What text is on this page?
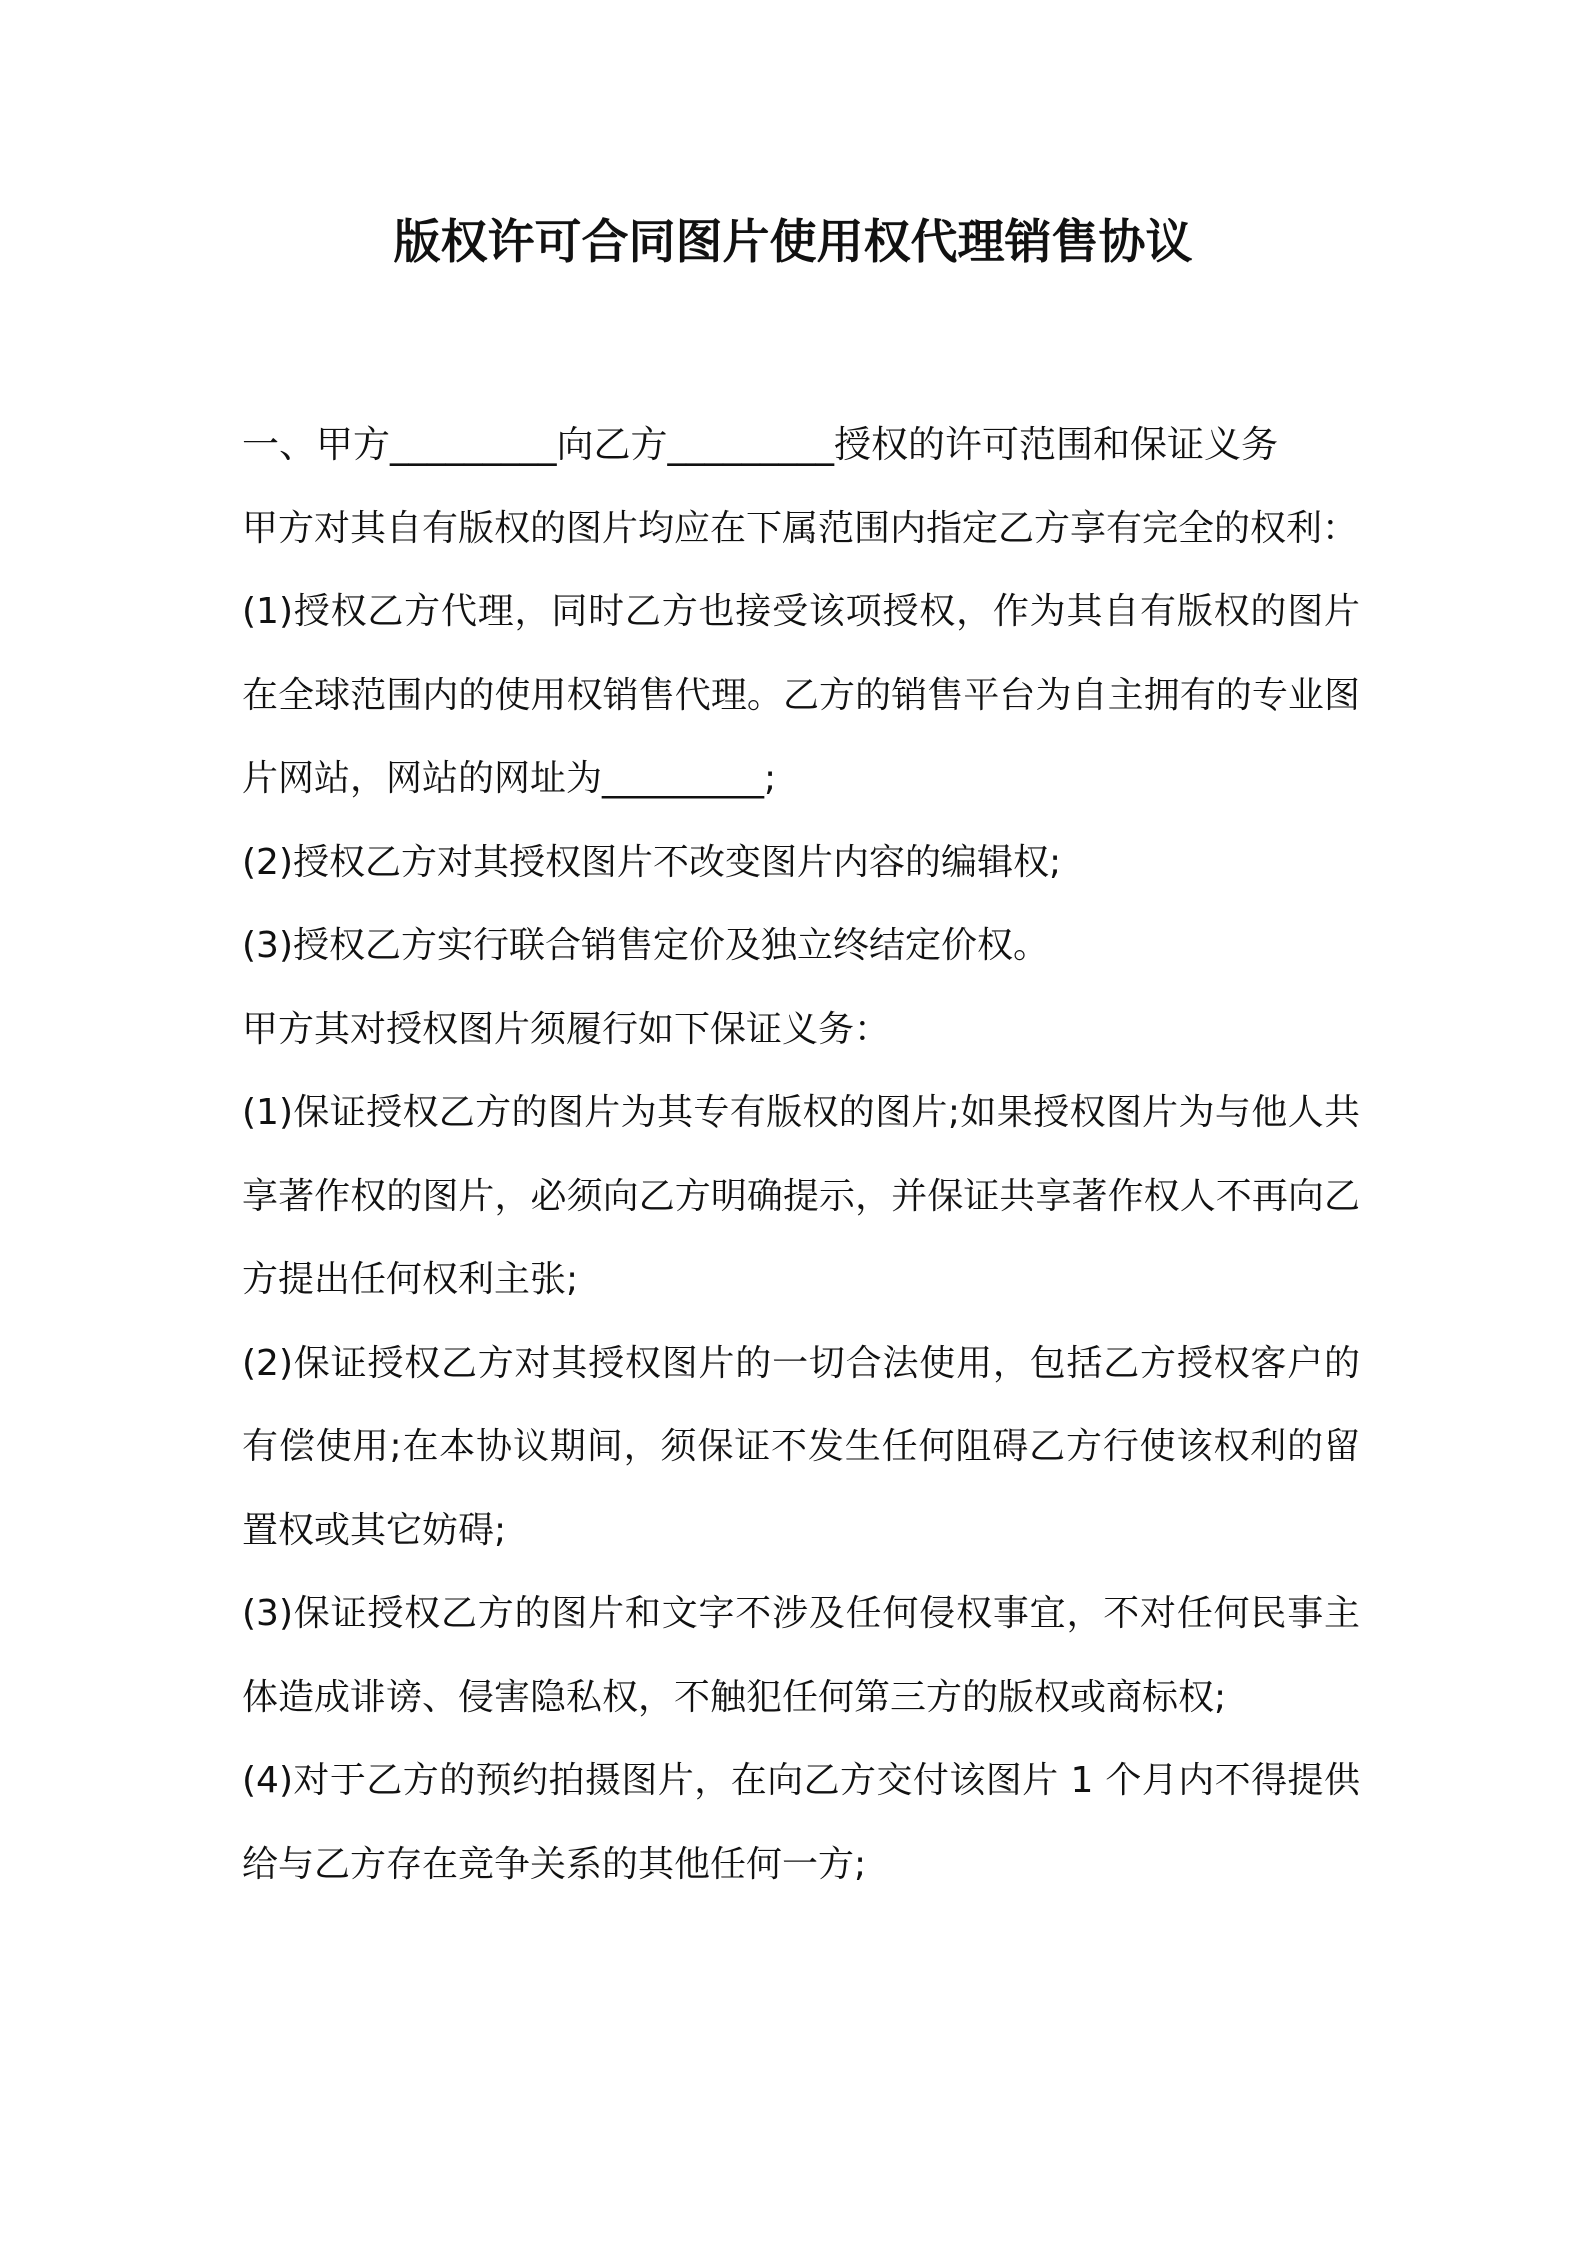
版权许可合同图片使用权代理销售协议

一、甲方_________向乙方_________授权的许可范围和保证义务

甲方对其自有版权的图片均应在下属范围内指定乙方享有完全的权利：

(1)授权乙方代理，同时乙方也接受该项授权，作为其自有版权的图片在全球范围内的使用权销售代理。乙方的销售平台为自主拥有的专业图片网站，网站的网址为_________;

(2)授权乙方对其授权图片不改变图片内容的编辑权;

(3)授权乙方实行联合销售定价及独立终结定价权。

甲方其对授权图片须履行如下保证义务：

(1)保证授权乙方的图片为其专有版权的图片;如果授权图片为与他人共享著作权的图片，必须向乙方明确提示，并保证共享著作权人不再向乙方提出任何权利主张;

(2)保证授权乙方对其授权图片的一切合法使用，包括乙方授权客户的有偿使用;在本协议期间，须保证不发生任何阻碍乙方行使该权利的留置权或其它妨碍;

(3)保证授权乙方的图片和文字不涉及任何侵权事宜，不对任何民事主体造成诽谤、侵害隐私权，不触犯任何第三方的版权或商标权;

(4)对于乙方的预约拍摄图片，在向乙方交付该图片 1 个月内不得提供给与乙方存在竞争关系的其他任何一方;
